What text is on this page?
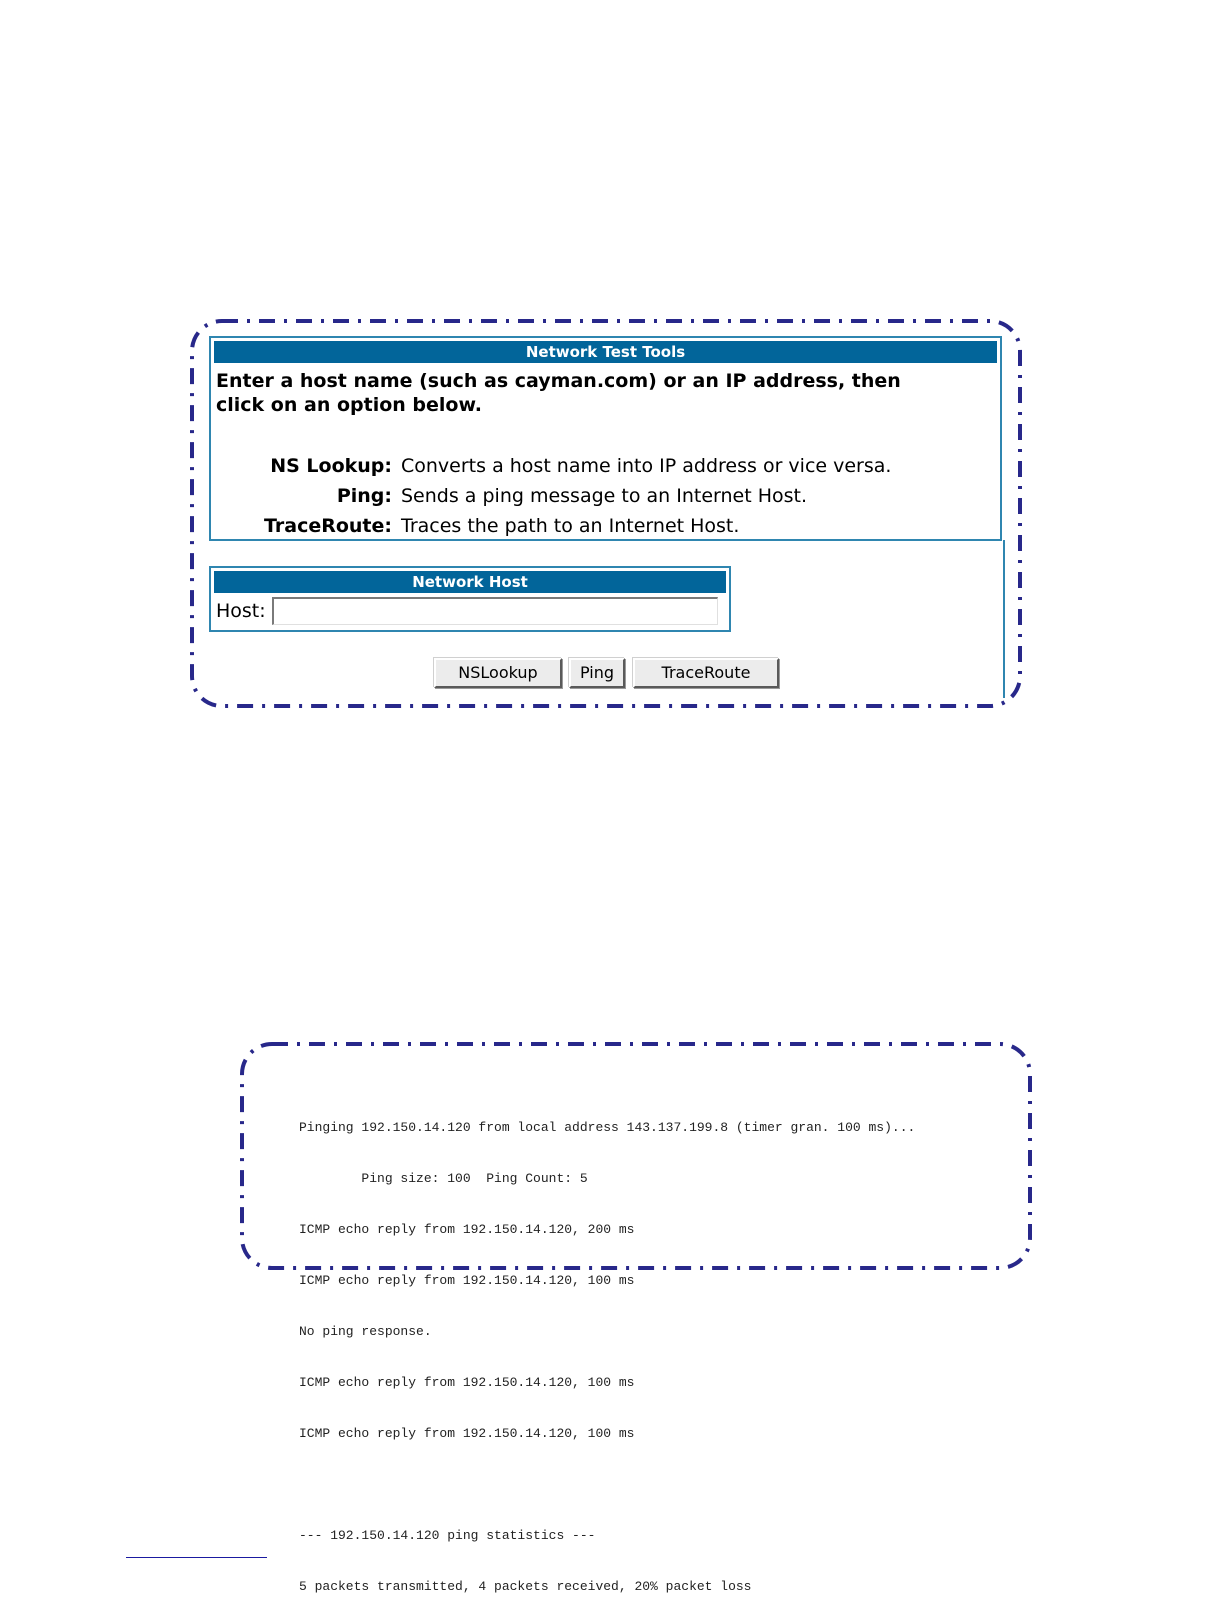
Network Test Tools
Enter a host name (such as cayman.com) or an IP address, then click on an option below.
NS Lookup: Converts a host name into IP address or vice versa.
Ping: Sends a ping message to an Internet Host.
TraceRoute: Traces the path to an Internet Host.
Network Host
Host:
NSLookup	Ping	TraceRoute

Pinging 192.150.14.120 from local address 143.137.199.8 (timer gran. 100 ms)...

Ping size: 100  Ping Count: 5

ICMP echo reply from 192.150.14.120, 200 ms

ICMP echo reply from 192.150.14.120, 100 ms

No ping response.

ICMP echo reply from 192.150.14.120, 100 ms

ICMP echo reply from 192.150.14.120, 100 ms

--- 192.150.14.120 ping statistics ---

5 packets transmitted, 4 packets received, 20% packet loss
